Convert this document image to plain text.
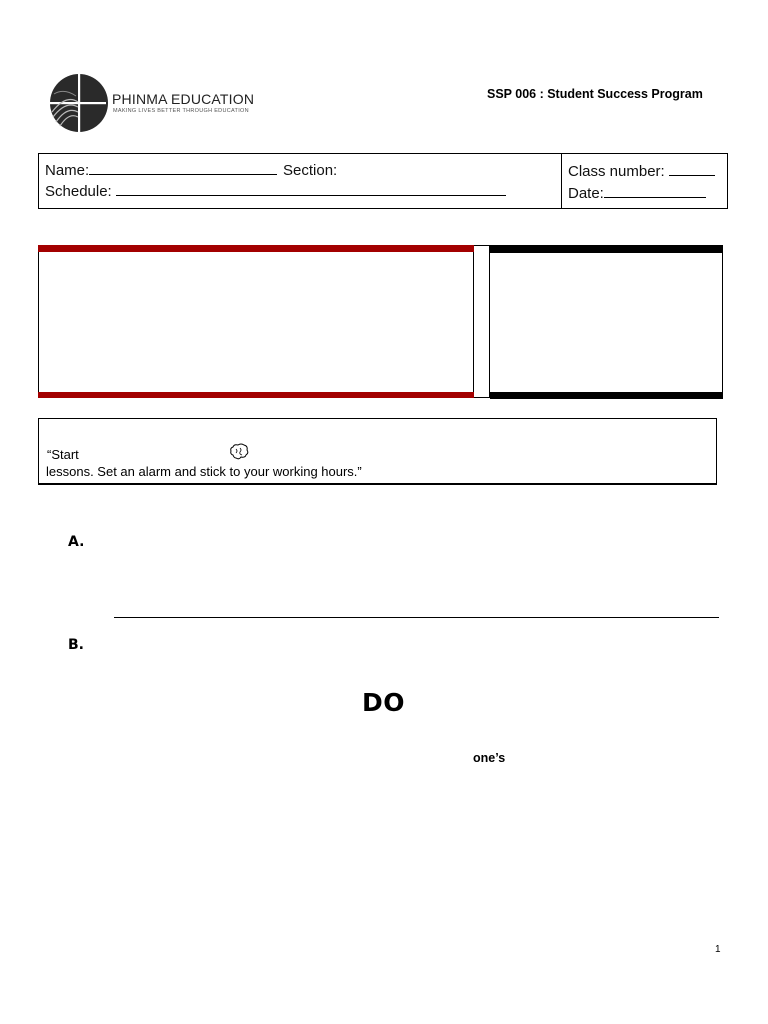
PHINMA EDUCATION
MAKING LIVES BETTER THROUGH EDUCATION
SSP 006 : Student Success Program
Name:	Section:
Schedule:
Class number:
Date:
“Start
lessons. Set an alarm and stick to your working hours.”
A.
B.
DO
one’s
1
